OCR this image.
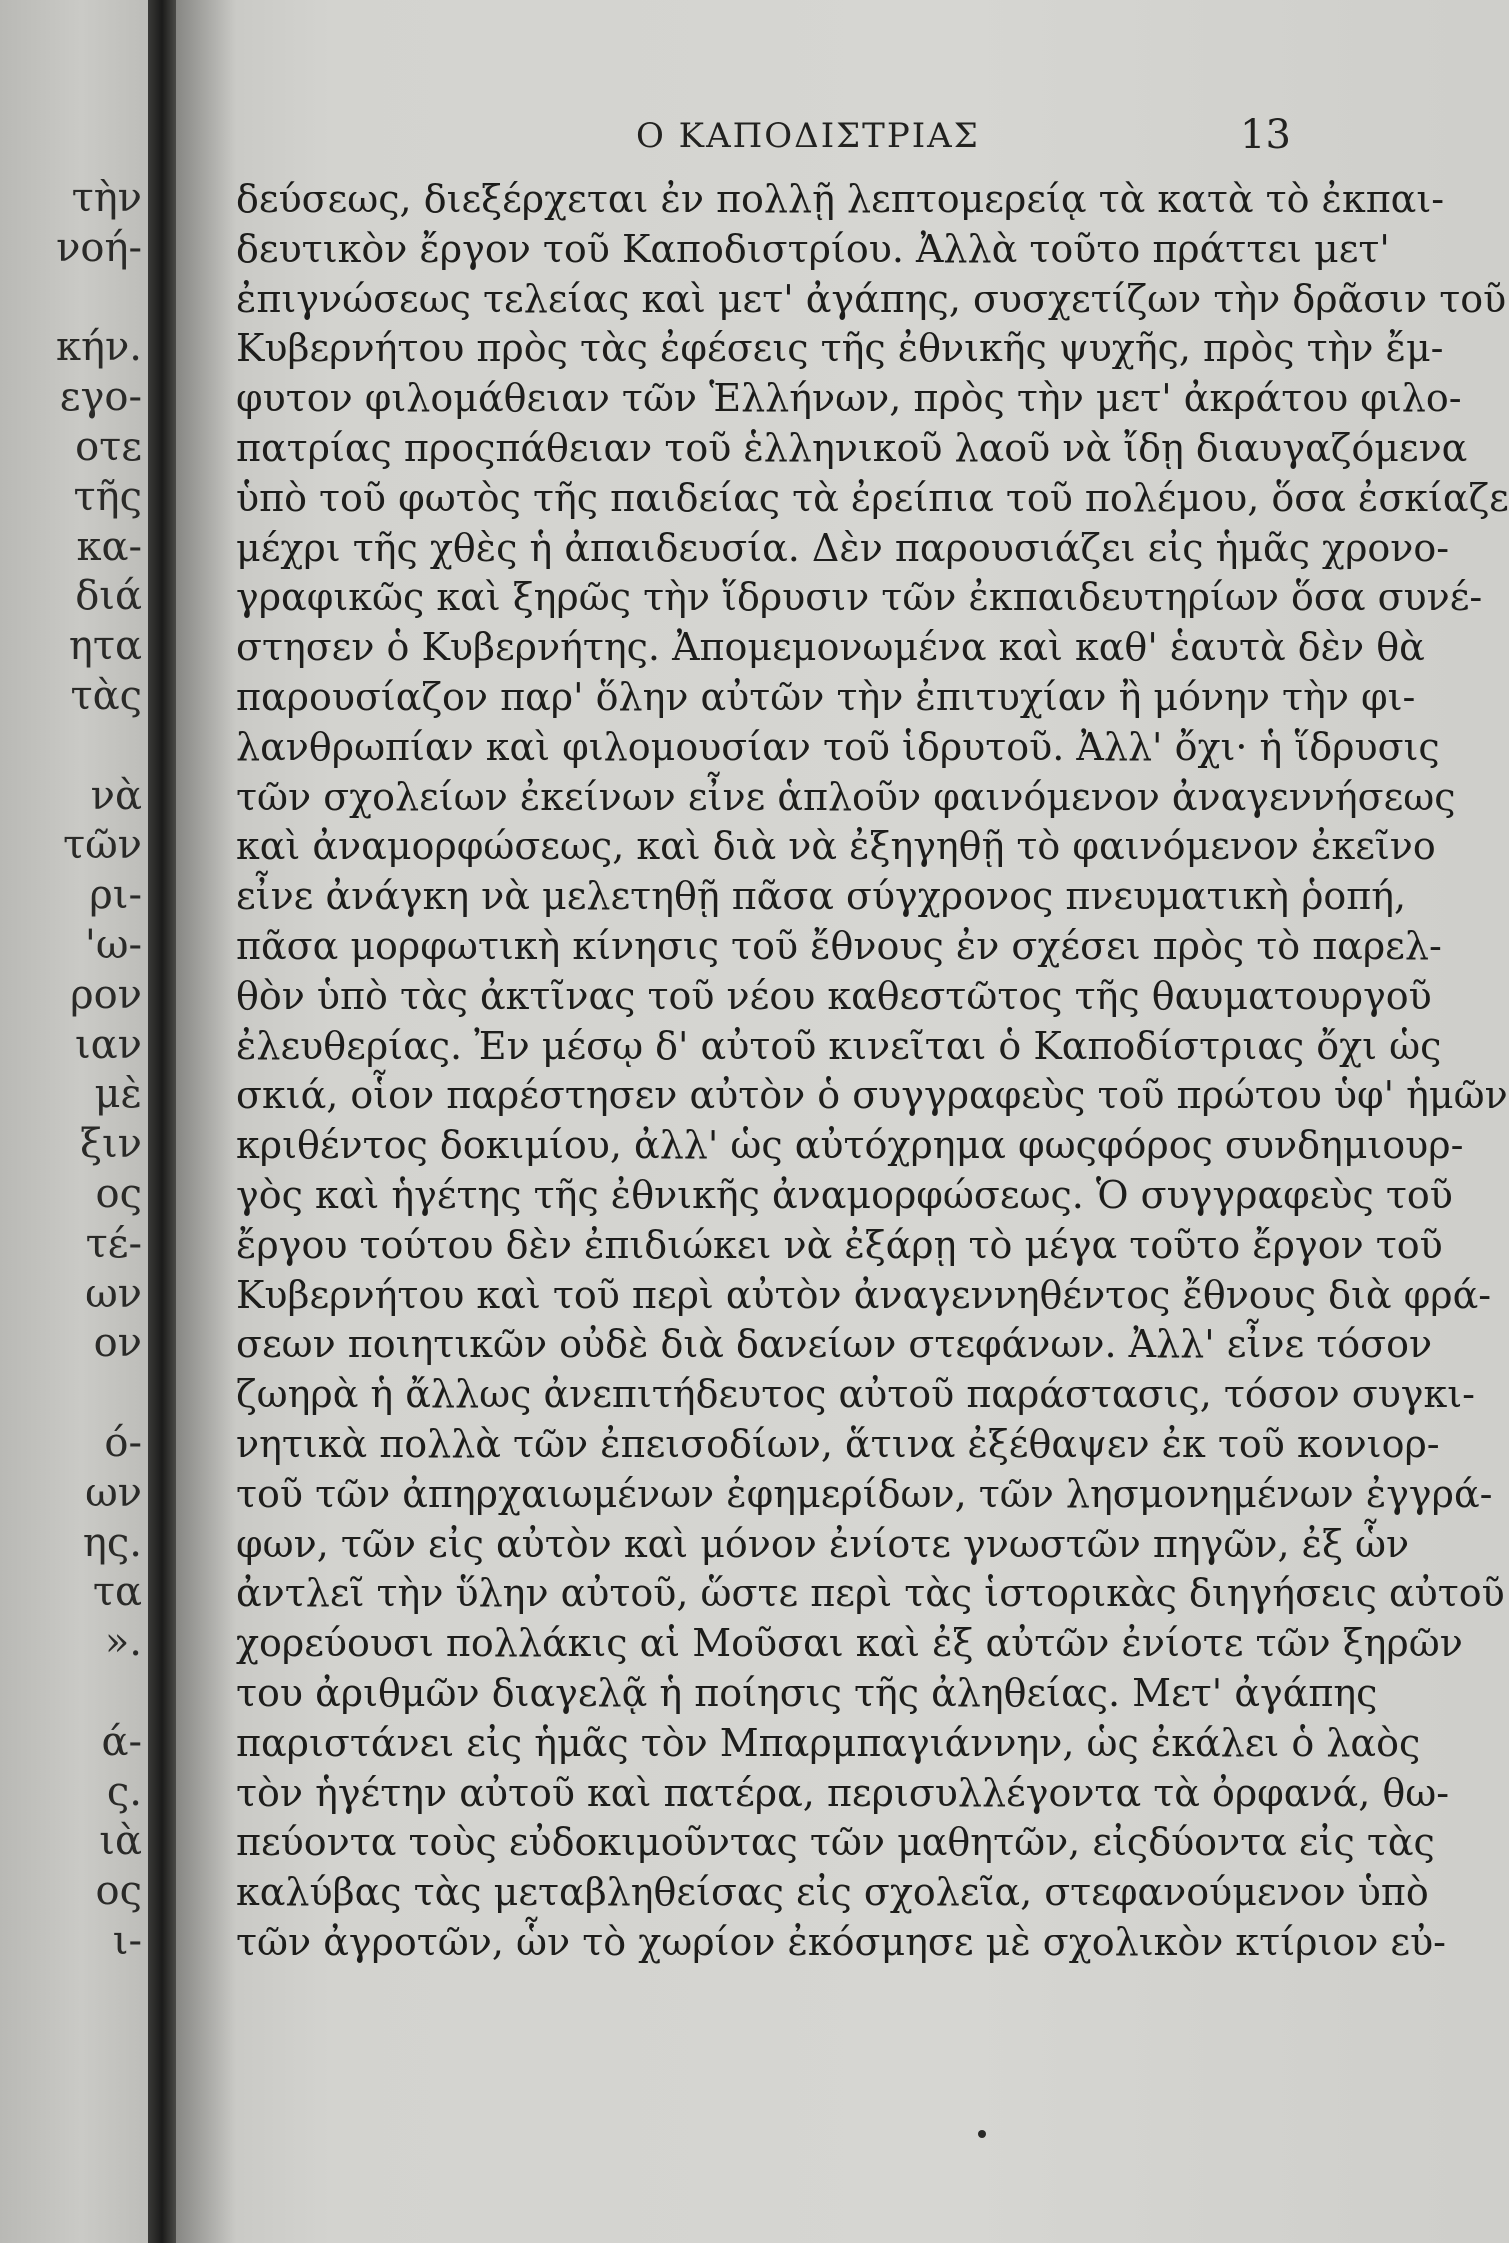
τὴν
νοή-
κήν.
εγο-
οτε
τῆς
κα-
διά
ητα
τὰς
νὰ
τῶν
ρι-
'ω-
ρον
ιαν
μὲ
ξιν
ος
τέ-
ων
ον
ό-
ων
ης.
τα
».
ά-
ς.
ιὰ
ος
ι-
Ο ΚΑΠΟΔΙΣΤΡΙΑΣ	13
δεύσεως, διεξέρχεται ἐν πολλῇ λεπτομερείᾳ τὰ κατὰ τὸ ἐκπαι-
δευτικὸν ἔργον τοῦ Καποδιστρίου. Ἀλλὰ τοῦτο πράττει μετ'
ἐπιγνώσεως τελείας καὶ μετ' ἀγάπης, συσχετίζων τὴν δρᾶσιν τοῦ
Κυβερνήτου πρὸς τὰς ἐφέσεις τῆς ἐθνικῆς ψυχῆς, πρὸς τὴν ἔμ-
φυτον φιλομάθειαν τῶν Ἑλλήνων, πρὸς τὴν μετ' ἀκράτου φιλο-
πατρίας προςπάθειαν τοῦ ἑλληνικοῦ λαοῦ νὰ ἴδῃ διαυγαζόμενα
ὑπὸ τοῦ φωτὸς τῆς παιδείας τὰ ἐρείπια τοῦ πολέμου, ὅσα ἐσκίαζε
μέχρι τῆς χθὲς ἡ ἀπαιδευσία. Δὲν παρουσιάζει εἰς ἡμᾶς χρονο-
γραφικῶς καὶ ξηρῶς τὴν ἵδρυσιν τῶν ἐκπαιδευτηρίων ὅσα συνέ-
στησεν ὁ Κυβερνήτης. Ἀπομεμονωμένα καὶ καθ' ἑαυτὰ δὲν θὰ
παρουσίαζον παρ' ὅλην αὐτῶν τὴν ἐπιτυχίαν ἢ μόνην τὴν φι-
λανθρωπίαν καὶ φιλομουσίαν τοῦ ἱδρυτοῦ. Ἀλλ' ὄχι· ἡ ἵδρυσις
τῶν σχολείων ἐκείνων εἶνε ἁπλοῦν φαινόμενον ἀναγεννήσεως
καὶ ἀναμορφώσεως, καὶ διὰ νὰ ἐξηγηθῇ τὸ φαινόμενον ἐκεῖνο
εἶνε ἀνάγκη νὰ μελετηθῇ πᾶσα σύγχρονος πνευματικὴ ῥοπή,
πᾶσα μορφωτικὴ κίνησις τοῦ ἔθνους ἐν σχέσει πρὸς τὸ παρελ-
θὸν ὑπὸ τὰς ἀκτῖνας τοῦ νέου καθεστῶτος τῆς θαυματουργοῦ
ἐλευθερίας. Ἐν μέσῳ δ' αὐτοῦ κινεῖται ὁ Καποδίστριας ὄχι ὡς
σκιά, οἷον παρέστησεν αὐτὸν ὁ συγγραφεὺς τοῦ πρώτου ὑφ' ἡμῶν
κριθέντος δοκιμίου, ἀλλ' ὡς αὐτόχρημα φωςφόρος συνδημιουρ-
γὸς καὶ ἡγέτης τῆς ἐθνικῆς ἀναμορφώσεως. Ὁ συγγραφεὺς τοῦ
ἔργου τούτου δὲν ἐπιδιώκει νὰ ἐξάρῃ τὸ μέγα τοῦτο ἔργον τοῦ
Κυβερνήτου καὶ τοῦ περὶ αὐτὸν ἀναγεννηθέντος ἔθνους διὰ φρά-
σεων ποιητικῶν οὐδὲ διὰ δανείων στεφάνων. Ἀλλ' εἶνε τόσον
ζωηρὰ ἡ ἄλλως ἀνεπιτήδευτος αὐτοῦ παράστασις, τόσον συγκι-
νητικὰ πολλὰ τῶν ἐπεισοδίων, ἅτινα ἐξέθαψεν ἐκ τοῦ κονιορ-
τοῦ τῶν ἀπηρχαιωμένων ἐφημερίδων, τῶν λησμονημένων ἐγγρά-
φων, τῶν εἰς αὐτὸν καὶ μόνον ἐνίοτε γνωστῶν πηγῶν, ἐξ ὧν
ἀντλεῖ τὴν ὕλην αὐτοῦ, ὥστε περὶ τὰς ἱστορικὰς διηγήσεις αὐτοῦ
χορεύουσι πολλάκις αἱ Μοῦσαι καὶ ἐξ αὐτῶν ἐνίοτε τῶν ξηρῶν
του ἀριθμῶν διαγελᾷ ἡ ποίησις τῆς ἀληθείας. Μετ' ἀγάπης
παριστάνει εἰς ἡμᾶς τὸν Μπαρμπαγιάννην, ὡς ἐκάλει ὁ λαὸς
τὸν ἡγέτην αὐτοῦ καὶ πατέρα, περισυλλέγοντα τὰ ὀρφανά, θω-
πεύοντα τοὺς εὐδοκιμοῦντας τῶν μαθητῶν, εἰςδύοντα εἰς τὰς
καλύβας τὰς μεταβληθείσας εἰς σχολεῖα, στεφανούμενον ὑπὸ
τῶν ἀγροτῶν, ὧν τὸ χωρίον ἐκόσμησε μὲ σχολικὸν κτίριον εὐ-
